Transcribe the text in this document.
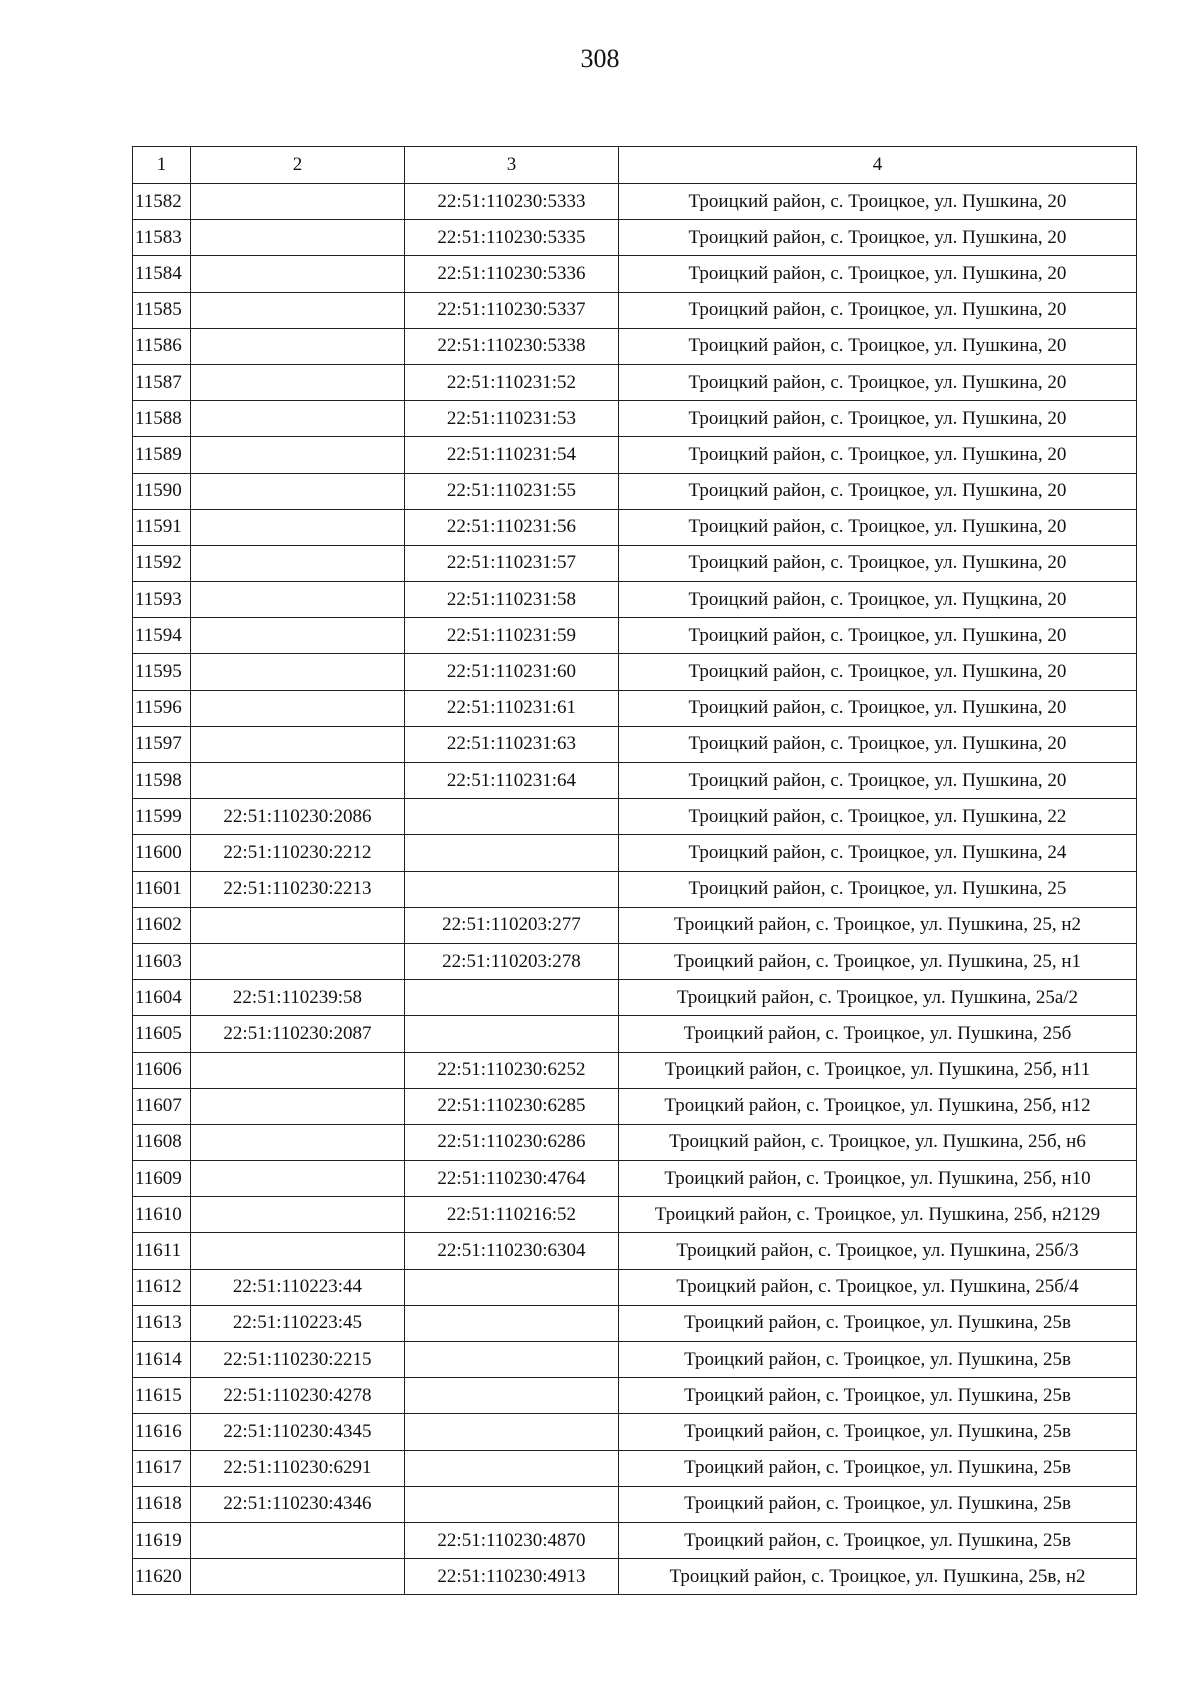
308
1	2	3	4
11582		22:51:110230:5333	Троицкий район, с. Троицкое, ул. Пушкина, 20
11583		22:51:110230:5335	Троицкий район, с. Троицкое, ул. Пушкина, 20
11584		22:51:110230:5336	Троицкий район, с. Троицкое, ул. Пушкина, 20
11585		22:51:110230:5337	Троицкий район, с. Троицкое, ул. Пушкина, 20
11586		22:51:110230:5338	Троицкий район, с. Троицкое, ул. Пушкина, 20
11587		22:51:110231:52	Троицкий район, с. Троицкое, ул. Пушкина, 20
11588		22:51:110231:53	Троицкий район, с. Троицкое, ул. Пушкина, 20
11589		22:51:110231:54	Троицкий район, с. Троицкое, ул. Пушкина, 20
11590		22:51:110231:55	Троицкий район, с. Троицкое, ул. Пушкина, 20
11591		22:51:110231:56	Троицкий район, с. Троицкое, ул. Пушкина, 20
11592		22:51:110231:57	Троицкий район, с. Троицкое, ул. Пушкина, 20
11593		22:51:110231:58	Троицкий район, с. Троицкое, ул. Пущкина, 20
11594		22:51:110231:59	Троицкий район, с. Троицкое, ул. Пушкина, 20
11595		22:51:110231:60	Троицкий район, с. Троицкое, ул. Пушкина, 20
11596		22:51:110231:61	Троицкий район, с. Троицкое, ул. Пушкина, 20
11597		22:51:110231:63	Троицкий район, с. Троицкое, ул. Пушкина, 20
11598		22:51:110231:64	Троицкий район, с. Троицкое, ул. Пушкина, 20
11599	22:51:110230:2086		Троицкий район, с. Троицкое, ул. Пушкина, 22
11600	22:51:110230:2212		Троицкий район, с. Троицкое, ул. Пушкина, 24
11601	22:51:110230:2213		Троицкий район, с. Троицкое, ул. Пушкина, 25
11602		22:51:110203:277	Троицкий район, с. Троицкое, ул. Пушкина, 25, н2
11603		22:51:110203:278	Троицкий район, с. Троицкое, ул. Пушкина, 25, н1
11604	22:51:110239:58		Троицкий район, с. Троицкое, ул. Пушкина, 25а/2
11605	22:51:110230:2087		Троицкий район, с. Троицкое, ул. Пушкина, 25б
11606		22:51:110230:6252	Троицкий район, с. Троицкое, ул. Пушкина, 25б, н11
11607		22:51:110230:6285	Троицкий район, с. Троицкое, ул. Пушкина, 25б, н12
11608		22:51:110230:6286	Троицкий район, с. Троицкое, ул. Пушкина, 25б, н6
11609		22:51:110230:4764	Троицкий район, с. Троицкое, ул. Пушкина, 25б, н10
11610		22:51:110216:52	Троицкий район, с. Троицкое, ул. Пушкина, 25б, н2129
11611		22:51:110230:6304	Троицкий район, с. Троицкое, ул. Пушкина, 25б/3
11612	22:51:110223:44		Троицкий район, с. Троицкое, ул. Пушкина, 25б/4
11613	22:51:110223:45		Троицкий район, с. Троицкое, ул. Пушкина, 25в
11614	22:51:110230:2215		Троицкий район, с. Троицкое, ул. Пушкина, 25в
11615	22:51:110230:4278		Троицкий район, с. Троицкое, ул. Пушкина, 25в
11616	22:51:110230:4345		Троицкий район, с. Троицкое, ул. Пушкина, 25в
11617	22:51:110230:6291		Троицкий район, с. Троицкое, ул. Пушкина, 25в
11618	22:51:110230:4346		Троицкий район, с. Троицкое, ул. Пушкина, 25в
11619		22:51:110230:4870	Троицкий район, с. Троицкое, ул. Пушкина, 25в
11620		22:51:110230:4913	Троицкий район, с. Троицкое, ул. Пушкина, 25в, н2
